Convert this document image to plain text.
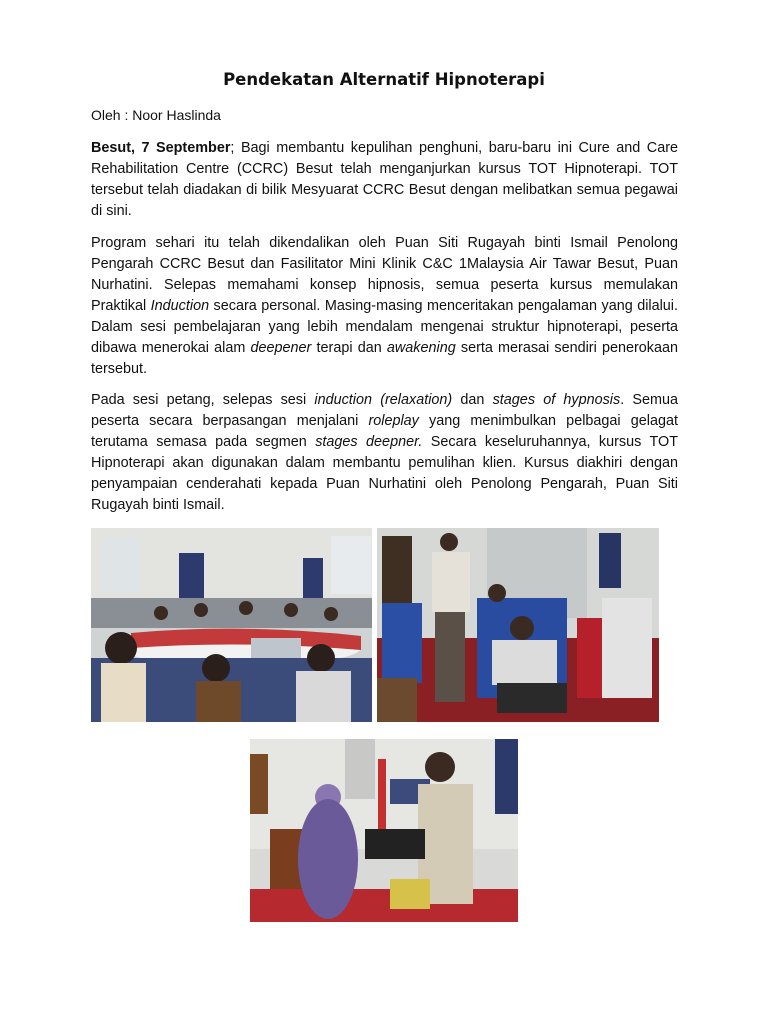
Pendekatan Alternatif Hipnoterapi
Oleh : Noor Haslinda

Besut, 7 September; Bagi membantu kepulihan penghuni, baru-baru ini Cure and Care Rehabilitation Centre (CCRC) Besut telah menganjurkan kursus TOT Hipnoterapi. TOT tersebut telah diadakan di bilik Mesyuarat CCRC Besut dengan melibatkan semua pegawai di sini.

Program sehari itu telah dikendalikan oleh Puan Siti Rugayah binti Ismail Penolong Pengarah CCRC Besut dan Fasilitator Mini Klinik C&C 1Malaysia Air Tawar Besut, Puan Nurhatini. Selepas memahami konsep hipnosis, semua peserta kursus memulakan Praktikal Induction secara personal. Masing-masing menceritakan pengalaman yang dilalui. Dalam sesi pembelajaran yang lebih mendalam mengenai struktur hipnoterapi, peserta dibawa menerokai alam deepener terapi dan awakening serta merasai sendiri penerokaan tersebut.

Pada sesi petang, selepas sesi induction (relaxation) dan stages of hypnosis. Semua peserta secara berpasangan menjalani roleplay yang menimbulkan pelbagai gelagat terutama semasa pada segmen stages deepner. Secara keseluruhannya, kursus TOT Hipnoterapi akan digunakan dalam membantu pemulihan klien. Kursus diakhiri dengan penyampaian cenderahati kepada Puan Nurhatini oleh Penolong Pengarah, Puan Siti Rugayah binti Ismail.
